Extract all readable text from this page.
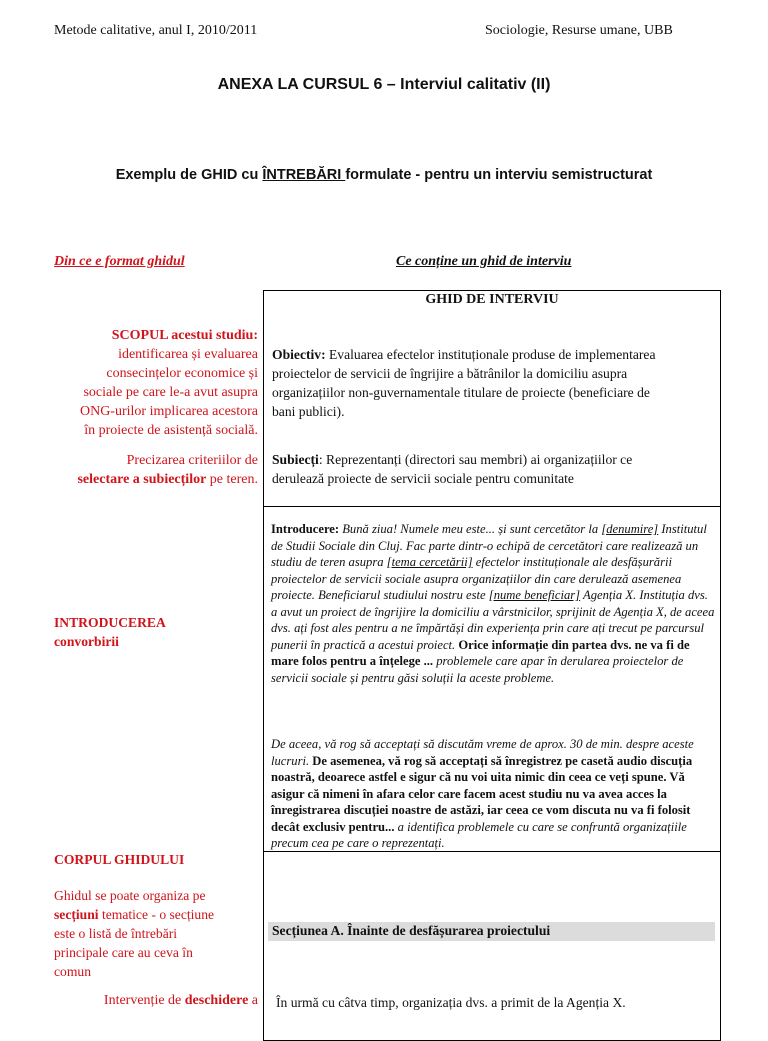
Metode calitative, anul I, 2010/2011	Sociologie, Resurse umane, UBB
ANEXA LA CURSUL 6 – Interviul calitativ (II)
Exemplu de GHID cu ÎNTREBĂRI formulate - pentru un interviu semistructurat
Din ce e format ghidul	Ce conține un ghid de interviu
SCOPUL acestui studiu:
identificarea și evaluarea
consecințelor economice și
sociale pe care le-a avut asupra
ONG-urilor implicarea acestora
în proiecte de asistență socială.
Precizarea criteriilor de
selectare a subiecților pe teren.
INTRODUCEREA
convorbirii
CORPUL GHIDULUI
Ghidul se poate organiza pe
secțiuni tematice - o secțiune
este o listă de întrebări
principale care au ceva în
comun
Intervenție de deschidere a
GHID DE INTERVIU
Obiectiv: Evaluarea efectelor instituționale produse de implementarea
proiectelor de servicii de îngrijire a bătrânilor la domiciliu asupra
organizațiilor non-guvernamentale titulare de proiecte (beneficiare de
bani publici).
Subiecți: Reprezentanți (directori sau membri) ai organizațiilor ce
derulează proiecte de servicii sociale pentru comunitate
Introducere: Bună ziua! Numele meu este... și sunt cercetător la [denumire] Institutul de Studii Sociale din Cluj. Fac parte dintr-o echipă de cercetători care realizează un studiu de teren asupra [tema cercetării] efectelor instituționale ale desfășurării proiectelor de servicii sociale asupra organizațiilor din care derulează asemenea proiecte. Beneficiarul studiului nostru este [nume beneficiar] Agenția X. Instituția dvs. a avut un proiect de îngrijire la domiciliu a vârstnicilor, sprijinit de Agenția X, de aceea dvs. ați fost ales pentru a ne împărtăși din experiența prin care ați trecut pe parcursul punerii în practică a acestui proiect. Orice informație din partea dvs. ne va fi de mare folos pentru a înțelege ... problemele care apar în derularea proiectelor de servicii sociale și pentru găsi soluții la aceste probleme.
De aceea, vă rog să acceptați să discutăm vreme de aprox. 30 de min. despre aceste lucruri. De asemenea, vă rog să acceptați să înregistrez pe casetă audio discuția noastră, deoarece astfel e sigur că nu voi uita nimic din ceea ce veți spune. Vă asigur că nimeni în afara celor care facem acest studiu nu va avea acces la înregistrarea discuției noastre de astăzi, iar ceea ce vom discuta nu va fi folosit decât exclusiv pentru... a identifica problemele cu care se confruntă organizațiile precum cea pe care o reprezentați.
Secțiunea A. Înainte de desfășurarea proiectului
În urmă cu câtva timp, organizația dvs. a primit de la Agenția X.
